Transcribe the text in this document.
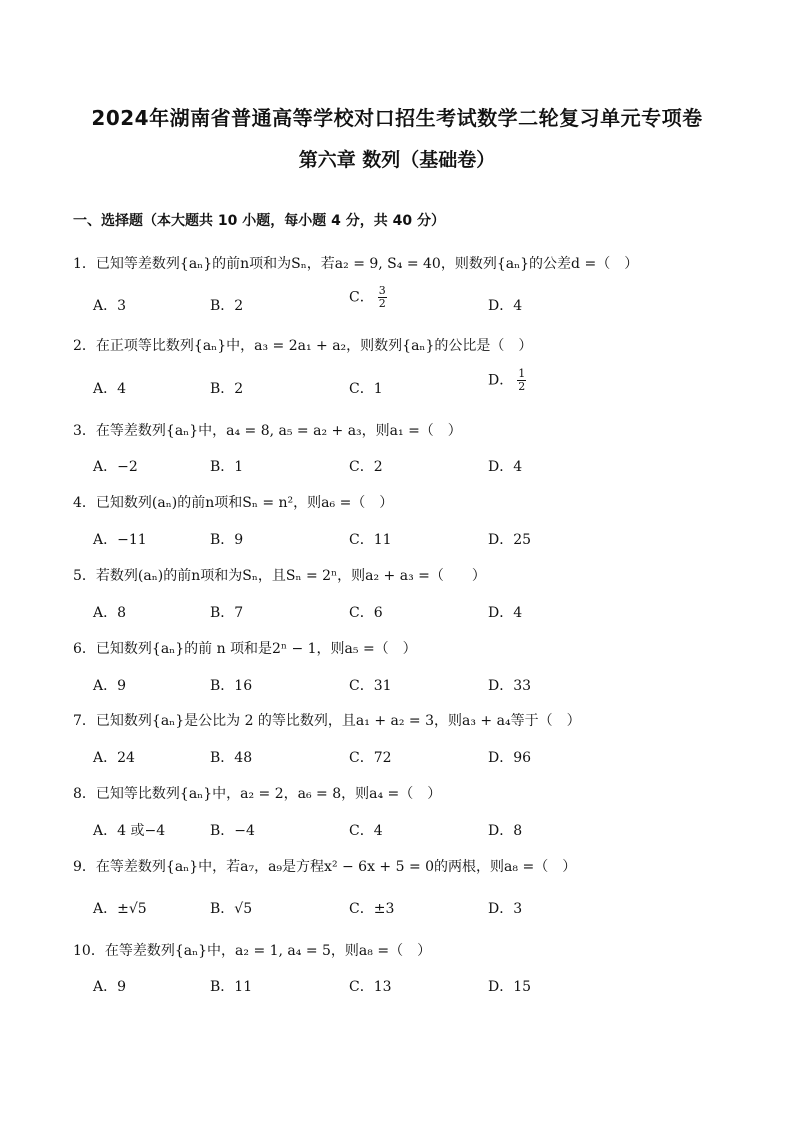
2024年湖南省普通高等学校对口招生考试数学二轮复习单元专项卷
第六章 数列（基础卷）
一、选择题（本大题共 10 小题，每小题 4 分，共 40 分）
1．已知等差数列{aₙ}的前n项和为Sₙ，若a₂ = 9, S₄ = 40，则数列{aₙ}的公差d =（　）
A．3	B．2
C． $\frac{3}{2}$	D．4
2．在正项等比数列{aₙ}中，a₃ = 2a₁ + a₂，则数列{aₙ}的公比是（　）
A．4	B．2	C．1
D． $\frac{1}{2}$
3．在等差数列{aₙ}中，a₄ = 8, a₅ = a₂ + a₃，则a₁ =（　）
A．−2	B．1	C．2	D．4
4．已知数列(aₙ)的前n项和Sₙ = n²，则a₆ =（　）
A．−11	B．9	C．11	D．25
5．若数列(aₙ)的前n项和为Sₙ，且Sₙ = 2ⁿ，则a₂ + a₃ =（　　）
A．8	B．7	C．6	D．4
6．已知数列{aₙ}的前 n 项和是2ⁿ − 1，则a₅ =（　）
A．9	B．16	C．31	D．33
7．已知数列{aₙ}是公比为 2 的等比数列，且a₁ + a₂ = 3，则a₃ + a₄等于（　）
A．24	B．48	C．72	D．96
8．已知等比数列{aₙ}中，a₂ = 2，a₆ = 8，则a₄ =（　）
A．4 或−4	B．−4	C．4	D．8
9．在等差数列{aₙ}中，若a₇，a₉是方程x² − 6x + 5 = 0的两根，则a₈ =（　）
A．±√5	B．√5	C．±3	D．3
10．在等差数列{aₙ}中，a₂ = 1, a₄ = 5，则a₈ =（　）
A．9	B．11	C．13	D．15
